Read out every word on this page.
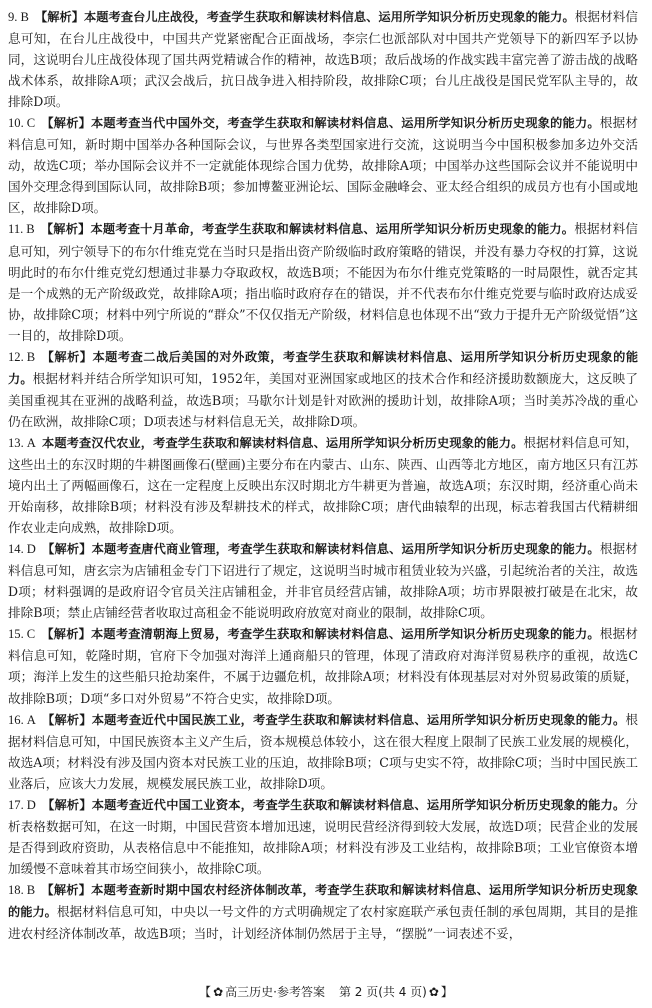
9. B 【解析】本题考查台儿庄战役，考查学生获取和解读材料信息、运用所学知识分析历史现象的能力。根据材料信息可知，在台儿庄战役中，中国共产党紧密配合正面战场，李宗仁也派部队对中国共产党领导下的新四军予以协同，这说明台儿庄战役体现了国共两党精诚合作的精神，故选B项；敌后战场的作战实践丰富完善了游击战的战略战术体系，故排除A项；武汉会战后，抗日战争进入相持阶段，故排除C项；台儿庄战役是国民党军队主导的，故排除D项。

10. C 【解析】本题考查当代中国外交，考查学生获取和解读材料信息、运用所学知识分析历史现象的能力。根据材料信息可知，新时期中国举办各种国际会议，与世界各类型国家进行交流，这说明当今中国积极参加多边外交活动，故选C项；举办国际会议并不一定就能体现综合国力优势，故排除A项；中国举办这些国际会议并不能说明中国外交理念得到国际认同，故排除B项；参加博鳌亚洲论坛、国际金融峰会、亚太经合组织的成员方也有小国或地区，故排除D项。

11. B 【解析】本题考查十月革命，考查学生获取和解读材料信息、运用所学知识分析历史现象的能力。根据材料信息可知，列宁领导下的布尔什维克党在当时只是指出资产阶级临时政府策略的错误，并没有暴力夺权的打算，这说明此时的布尔什维克党幻想通过非暴力夺取政权，故选B项；不能因为布尔什维克党策略的一时局限性，就否定其是一个成熟的无产阶级政党，故排除A项；指出临时政府存在的错误，并不代表布尔什维克党要与临时政府达成妥协，故排除C项；材料中列宁所说的“群众”不仅仅指无产阶级，材料信息也体现不出“致力于提升无产阶级觉悟”这一目的，故排除D项。

12. B 【解析】本题考查二战后美国的对外政策，考查学生获取和解读材料信息、运用所学知识分析历史现象的能力。根据材料并结合所学知识可知，1952年，美国对亚洲国家或地区的技术合作和经济援助数额庞大，这反映了美国重视其在亚洲的战略利益，故选B项；马歇尔计划是针对欧洲的援助计划，故排除A项；当时美苏冷战的重心仍在欧洲，故排除C项；D项表述与材料信息无关，故排除D项。

13. A 本题考查汉代农业，考查学生获取和解读材料信息、运用所学知识分析历史现象的能力。根据材料信息可知，这些出土的东汉时期的牛耕图画像石(壁画)主要分布在内蒙古、山东、陕西、山西等北方地区，南方地区只有江苏境内出土了两幅画像石，这在一定程度上反映出东汉时期北方牛耕更为普遍，故选A项；东汉时期，经济重心尚未开始南移，故排除B项；材料没有涉及犁耕技术的样式，故排除C项；唐代曲辕犁的出现，标志着我国古代精耕细作农业走向成熟，故排除D项。

14. D 【解析】本题考查唐代商业管理，考查学生获取和解读材料信息、运用所学知识分析历史现象的能力。根据材料信息可知，唐玄宗为店铺租金专门下诏进行了规定，这说明当时城市租赁业较为兴盛，引起统治者的关注，故选D项；材料强调的是政府诏令官员关注店铺租金，并非官员经营店铺，故排除A项；坊市界限被打破是在北宋，故排除B项；禁止店铺经营者收取过高租金不能说明政府放宽对商业的限制，故排除C项。

15. C 【解析】本题考查清朝海上贸易，考查学生获取和解读材料信息、运用所学知识分析历史现象的能力。根据材料信息可知，乾隆时期，官府下令加强对海洋上通商船只的管理，体现了清政府对海洋贸易秩序的重视，故选C项；海洋上发生的这些船只抢劫案件，不属于边疆危机，故排除A项；材料没有体现基层对对外贸易政策的质疑，故排除B项；D项“多口对外贸易”不符合史实，故排除D项。

16. A 【解析】本题考查近代中国民族工业，考查学生获取和解读材料信息、运用所学知识分析历史现象的能力。根据材料信息可知，中国民族资本主义产生后，资本规模总体较小，这在很大程度上限制了民族工业发展的规模化，故选A项；材料没有涉及国内资本对民族工业的压迫，故排除B项；C项与史实不符，故排除C项；当时中国民族工业落后，应该大力发展，规模发展民族工业，故排除D项。

17. D 【解析】本题考查近代中国工业资本，考查学生获取和解读材料信息、运用所学知识分析历史现象的能力。分析表格数据可知，在这一时期，中国民营资本增加迅速，说明民营经济得到较大发展，故选D项；民营企业的发展是否得到政府资助，从表格信息中不能推知，故排除A项；材料没有涉及工业结构，故排除B项；工业官僚资本增加缓慢不意味着其市场空间狭小，故排除C项。

18. B 【解析】本题考查新时期中国农村经济体制改革，考查学生获取和解读材料信息、运用所学知识分析历史现象的能力。根据材料信息可知，中央以一号文件的方式明确规定了农村家庭联产承包责任制的承包周期，其目的是推进农村经济体制改革，故选B项；当时，计划经济体制仍然居于主导，“摆脱”一词表述不妥，

【 ✿ 高三历史·参考答案 第 2 页(共 4 页) ✿ 】
